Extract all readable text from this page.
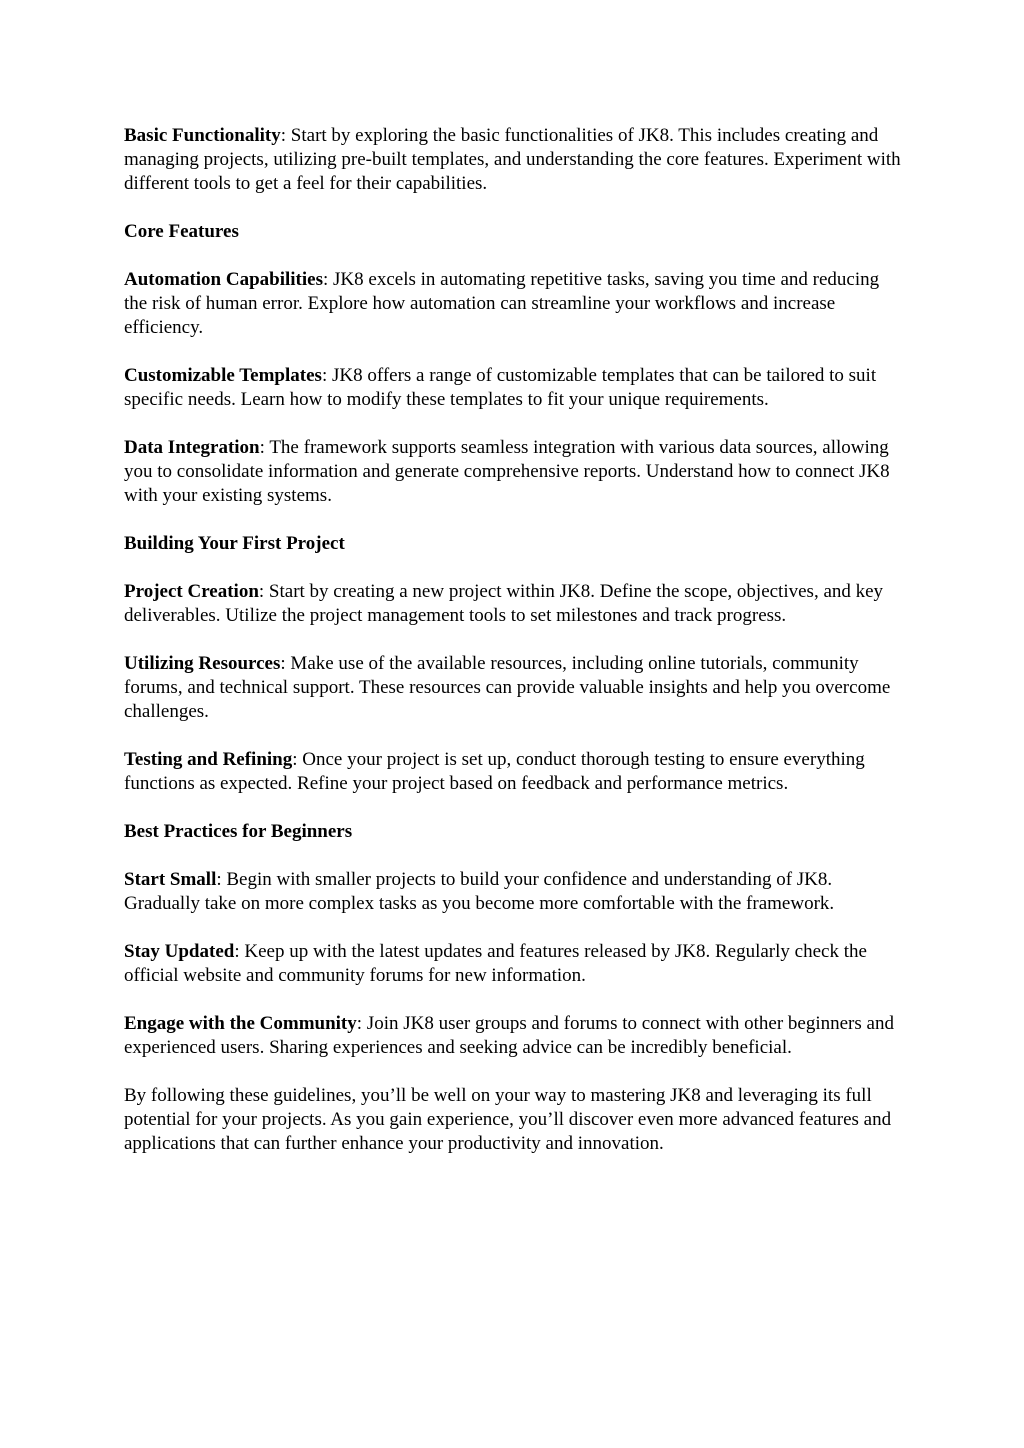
Basic Functionality: Start by exploring the basic functionalities of JK8. This includes creating and managing projects, utilizing pre-built templates, and understanding the core features. Experiment with different tools to get a feel for their capabilities.

Core Features

Automation Capabilities: JK8 excels in automating repetitive tasks, saving you time and reducing the risk of human error. Explore how automation can streamline your workflows and increase efficiency.

Customizable Templates: JK8 offers a range of customizable templates that can be tailored to suit specific needs. Learn how to modify these templates to fit your unique requirements.

Data Integration: The framework supports seamless integration with various data sources, allowing you to consolidate information and generate comprehensive reports. Understand how to connect JK8 with your existing systems.

Building Your First Project

Project Creation: Start by creating a new project within JK8. Define the scope, objectives, and key deliverables. Utilize the project management tools to set milestones and track progress.

Utilizing Resources: Make use of the available resources, including online tutorials, community forums, and technical support. These resources can provide valuable insights and help you overcome challenges.

Testing and Refining: Once your project is set up, conduct thorough testing to ensure everything functions as expected. Refine your project based on feedback and performance metrics.

Best Practices for Beginners

Start Small: Begin with smaller projects to build your confidence and understanding of JK8. Gradually take on more complex tasks as you become more comfortable with the framework.

Stay Updated: Keep up with the latest updates and features released by JK8. Regularly check the official website and community forums for new information.

Engage with the Community: Join JK8 user groups and forums to connect with other beginners and experienced users. Sharing experiences and seeking advice can be incredibly beneficial.

By following these guidelines, you’ll be well on your way to mastering JK8 and leveraging its full potential for your projects. As you gain experience, you’ll discover even more advanced features and applications that can further enhance your productivity and innovation.
